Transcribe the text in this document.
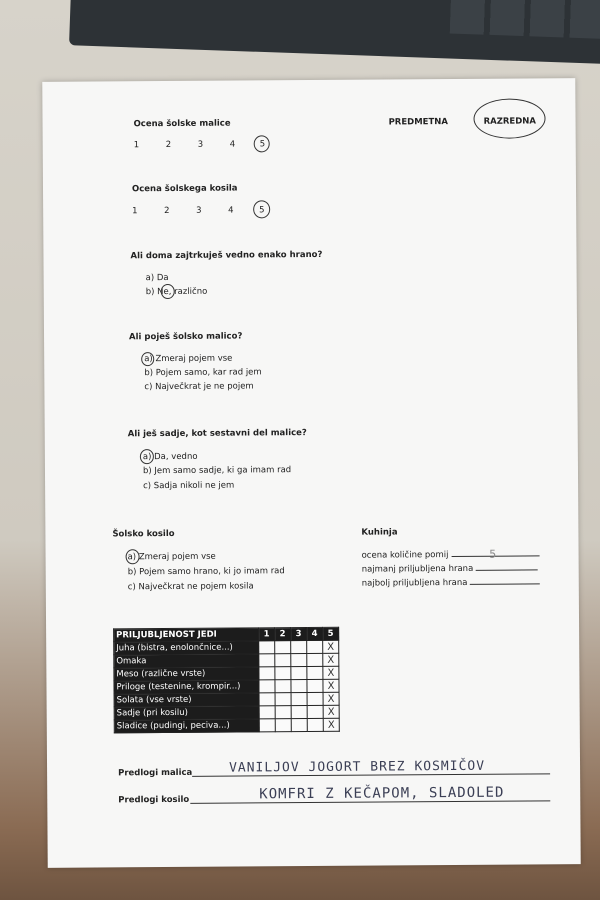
Ocena šolske malice	PREDMETNA	RAZREDNA
1	2	3	4	5
Ocena šolskega kosila
1	2	3	4	5
Ali doma zajtrkuješ vedno enako hrano?
a) Da
b) Ne, različno
Ali poješ šolsko malico?
a) Zmeraj pojem vse
b) Pojem samo, kar rad jem
c) Največkrat je ne pojem
Ali ješ sadje, kot sestavni del malice?
a) Da, vedno
b) Jem samo sadje, ki ga imam rad
c) Sadja nikoli ne jem
Šolsko kosilo
a) Zmeraj pojem vse
b) Pojem samo hrano, ki jo imam rad
c) Največkrat ne pojem kosila
Kuhinja
ocena količine pomij	5
najmanj priljubljena hrana
najbolj priljubljena hrana
PRILJUBLJENOST JEDI	1	2	3	4	5
Juha (bistra, enolončnice...)					X
Omaka					X
Meso (različne vrste)					X
Priloge (testenine, krompir...)					X
Solata (vse vrste)					X
Sadje (pri kosilu)					X
Sladice (pudingi, peciva...)					X
Predlogi malica	VANILJOV JOGORT BREZ KOSMIČOV
Predlogi kosilo	KOMFRI Z KEČAPOM, SLADOLED
